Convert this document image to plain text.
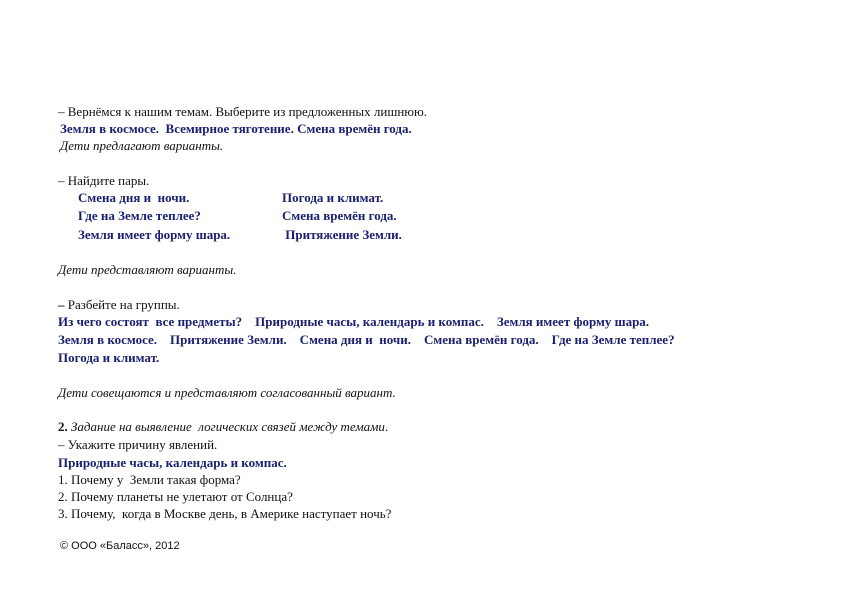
– Вернёмся к нашим темам. Выберите из предложенных лишнюю.
Земля в космосе.  Всемирное тяготение. Смена времён года.
Дети предлагают варианты.
– Найдите пары.
Смена дня и  ночи.	Погода и климат.
Где на Земле теплее?	Смена времён года.
Земля имеет форму шара.	Притяжение Земли.
Дети представляют варианты.
– Разбейте на группы.
Из чего состоят  все предметы?    Природные часы, календарь и компас.    Земля имеет форму шара.
Земля в космосе.    Притяжение Земли.    Смена дня и  ночи.    Смена времён года.    Где на Земле теплее?
Погода и климат.
Дети совещаются и представляют согласованный вариант.
2. Задание на выявление  логических связей между темами.
– Укажите причину явлений.
Природные часы, календарь и компас.
1. Почему у  Земли такая форма?
2. Почему планеты не улетают от Солнца?
3. Почему,  когда в Москве день, в Америке наступает ночь?
© ООО «Баласс», 2012
